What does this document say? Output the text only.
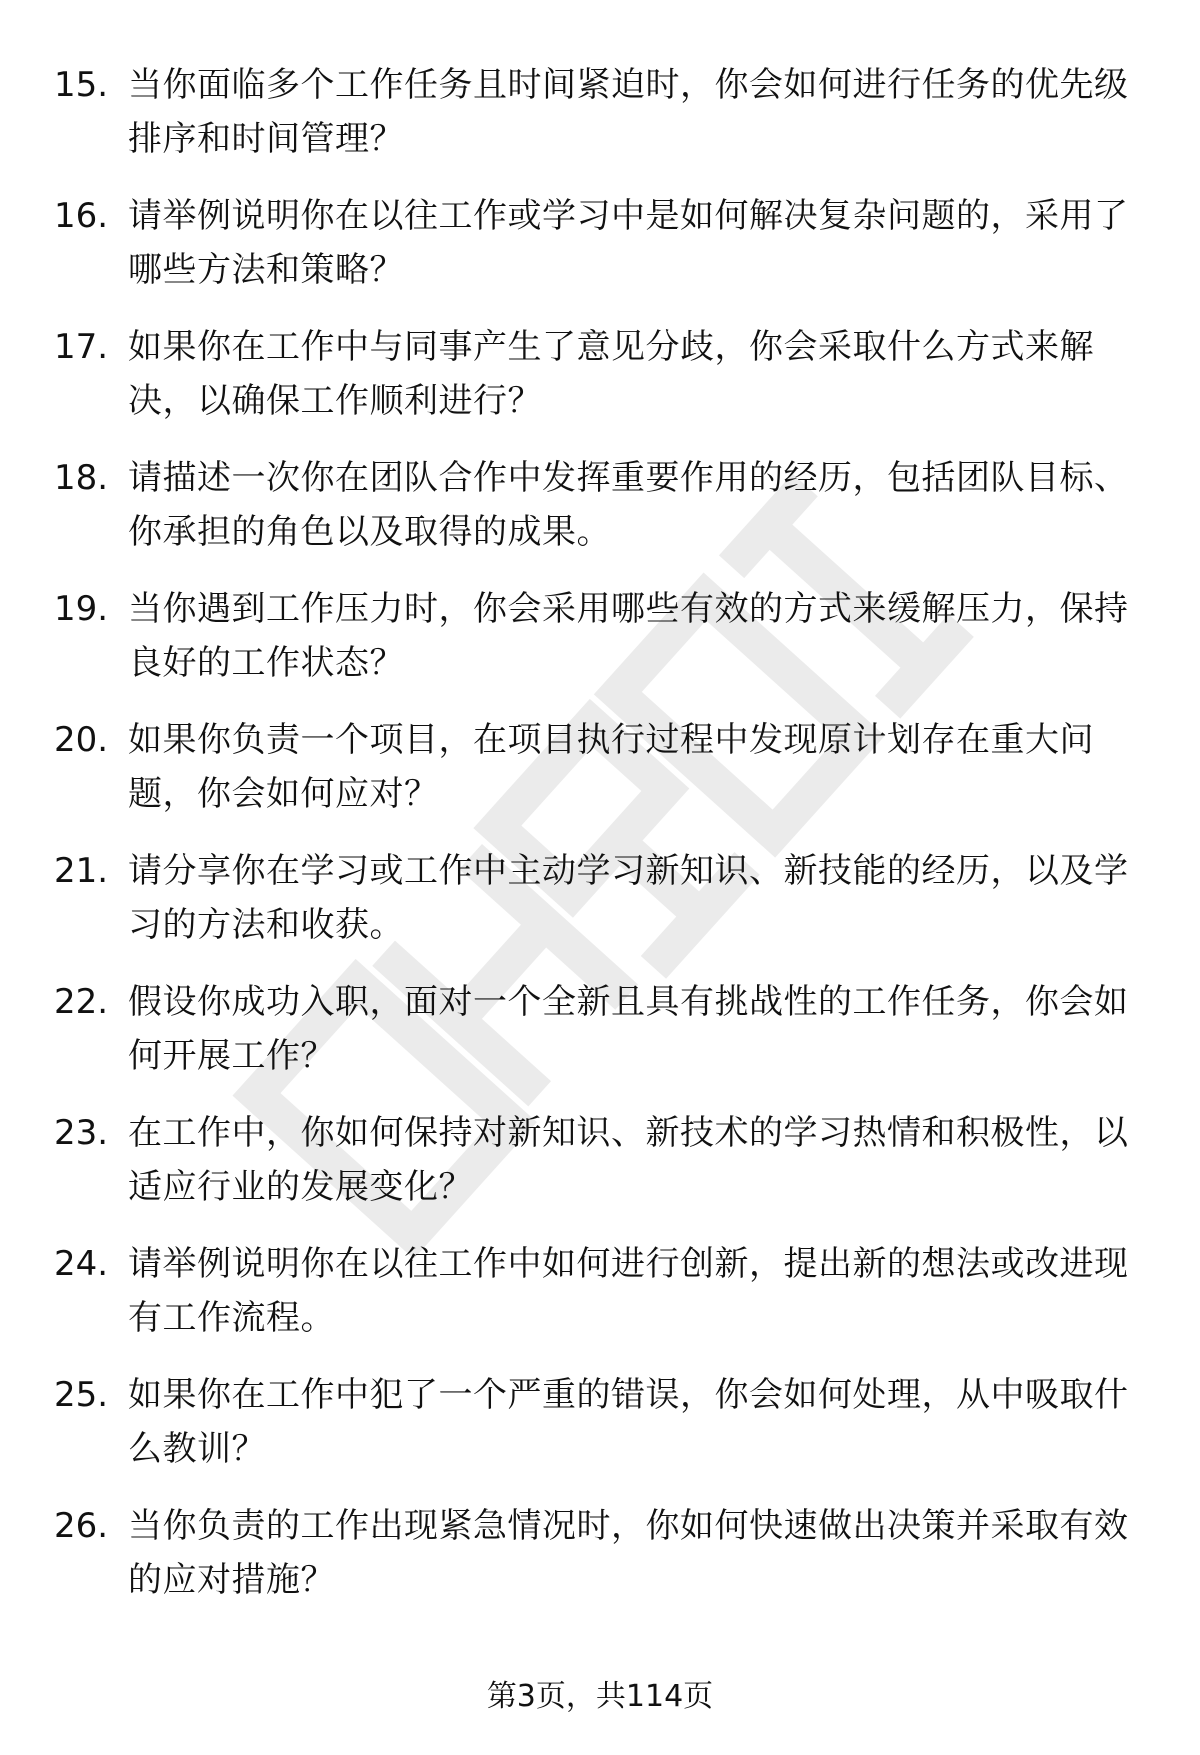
15. 当你面临多个工作任务且时间紧迫时，你会如何进行任务的优先级排序和时间管理？
16. 请举例说明你在以往工作或学习中是如何解决复杂问题的，采用了哪些方法和策略？
17. 如果你在工作中与同事产生了意见分歧，你会采取什么方式来解决，以确保工作顺利进行？
18. 请描述一次你在团队合作中发挥重要作用的经历，包括团队目标、你承担的角色以及取得的成果。
19. 当你遇到工作压力时，你会采用哪些有效的方式来缓解压力，保持良好的工作状态？
20. 如果你负责一个项目，在项目执行过程中发现原计划存在重大问题，你会如何应对？
21. 请分享你在学习或工作中主动学习新知识、新技能的经历，以及学习的方法和收获。
22. 假设你成功入职，面对一个全新且具有挑战性的工作任务，你会如何开展工作？
23. 在工作中，你如何保持对新知识、新技术的学习热情和积极性，以适应行业的发展变化？
24. 请举例说明你在以往工作中如何进行创新，提出新的想法或改进现有工作流程。
25. 如果你在工作中犯了一个严重的错误，你会如何处理，从中吸取什么教训？
26. 当你负责的工作出现紧急情况时，你如何快速做出决策并采取有效的应对措施？
第3页，共114页
